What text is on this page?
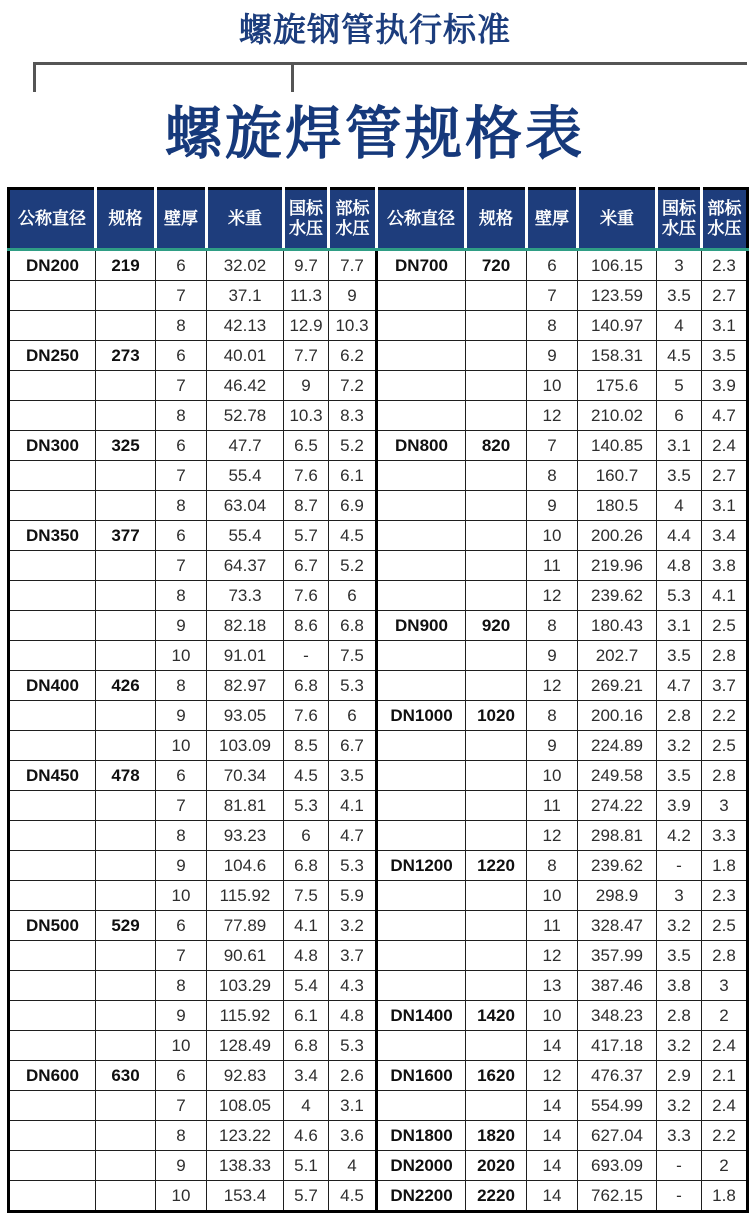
螺旋钢管执行标准
螺旋焊管规格表
公称直径	规格	壁厚	米重	国标水压	部标水压	公称直径	规格	壁厚	米重	国标水压	部标水压
DN200	219	6	32.02	9.7	7.7	DN700	720	6	106.15	3	2.3
		7	37.1	11.3	9			7	123.59	3.5	2.7
		8	42.13	12.9	10.3			8	140.97	4	3.1
DN250	273	6	40.01	7.7	6.2			9	158.31	4.5	3.5
		7	46.42	9	7.2			10	175.6	5	3.9
		8	52.78	10.3	8.3			12	210.02	6	4.7
DN300	325	6	47.7	6.5	5.2	DN800	820	7	140.85	3.1	2.4
		7	55.4	7.6	6.1			8	160.7	3.5	2.7
		8	63.04	8.7	6.9			9	180.5	4	3.1
DN350	377	6	55.4	5.7	4.5			10	200.26	4.4	3.4
		7	64.37	6.7	5.2			11	219.96	4.8	3.8
		8	73.3	7.6	6			12	239.62	5.3	4.1
		9	82.18	8.6	6.8	DN900	920	8	180.43	3.1	2.5
		10	91.01	-	7.5			9	202.7	3.5	2.8
DN400	426	8	82.97	6.8	5.3			12	269.21	4.7	3.7
		9	93.05	7.6	6	DN1000	1020	8	200.16	2.8	2.2
		10	103.09	8.5	6.7			9	224.89	3.2	2.5
DN450	478	6	70.34	4.5	3.5			10	249.58	3.5	2.8
		7	81.81	5.3	4.1			11	274.22	3.9	3
		8	93.23	6	4.7			12	298.81	4.2	3.3
		9	104.6	6.8	5.3	DN1200	1220	8	239.62	-	1.8
		10	115.92	7.5	5.9			10	298.9	3	2.3
DN500	529	6	77.89	4.1	3.2			11	328.47	3.2	2.5
		7	90.61	4.8	3.7			12	357.99	3.5	2.8
		8	103.29	5.4	4.3			13	387.46	3.8	3
		9	115.92	6.1	4.8	DN1400	1420	10	348.23	2.8	2
		10	128.49	6.8	5.3			14	417.18	3.2	2.4
DN600	630	6	92.83	3.4	2.6	DN1600	1620	12	476.37	2.9	2.1
		7	108.05	4	3.1			14	554.99	3.2	2.4
		8	123.22	4.6	3.6	DN1800	1820	14	627.04	3.3	2.2
		9	138.33	5.1	4	DN2000	2020	14	693.09	-	2
		10	153.4	5.7	4.5	DN2200	2220	14	762.15	-	1.8
